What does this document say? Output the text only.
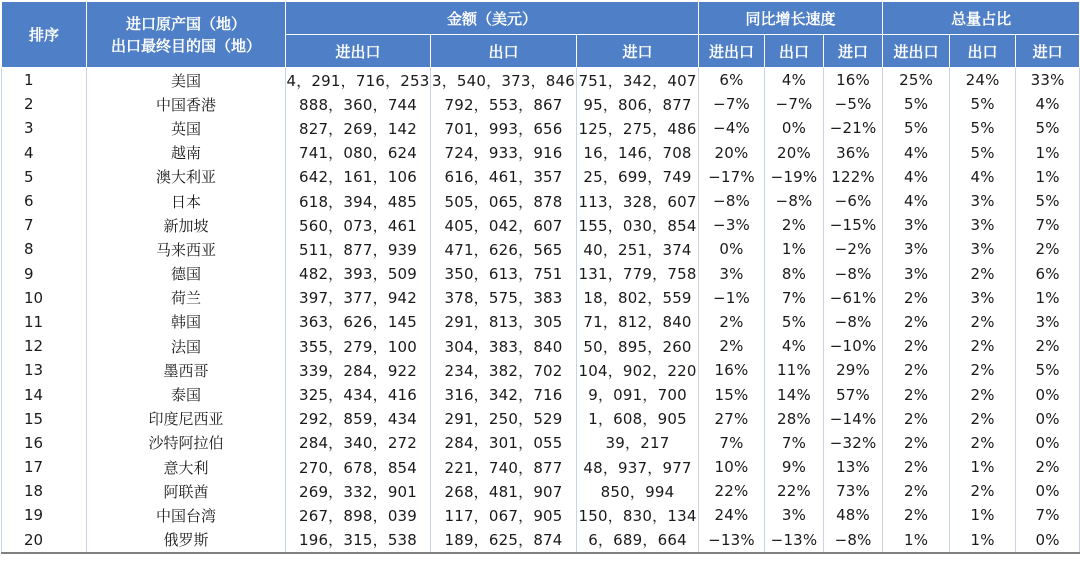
排序	进口原产国（地）
出口最终目的国（地）	金额（美元）			同比增长速度			总量占比		
		进出口	出口	进口	进出口	出口	进口	进出口	出口	进口
1	美国	4，291，716，253	3，540，373，846	751，342，407	6%	4%	16%	25%	24%	33%
2	中国香港	888，360，744	792，553，867	95，806，877	−7%	−7%	−5%	5%	5%	4%
3	英国	827，269，142	701，993，656	125，275，486	−4%	0%	−21%	5%	5%	5%
4	越南	741，080，624	724，933，916	16，146，708	20%	20%	36%	4%	5%	1%
5	澳大利亚	642，161，106	616，461，357	25，699，749	−17%	−19%	122%	4%	4%	1%
6	日本	618，394，485	505，065，878	113，328，607	−8%	−8%	−6%	4%	3%	5%
7	新加坡	560，073，461	405，042，607	155，030，854	−3%	2%	−15%	3%	3%	7%
8	马来西亚	511，877，939	471，626，565	40，251，374	0%	1%	−2%	3%	3%	2%
9	德国	482，393，509	350，613，751	131，779，758	3%	8%	−8%	3%	2%	6%
10	荷兰	397，377，942	378，575，383	18，802，559	−1%	7%	−61%	2%	3%	1%
11	韩国	363，626，145	291，813，305	71，812，840	2%	5%	−8%	2%	2%	3%
12	法国	355，279，100	304，383，840	50，895，260	2%	4%	−10%	2%	2%	2%
13	墨西哥	339，284，922	234，382，702	104，902，220	16%	11%	29%	2%	2%	5%
14	泰国	325，434，416	316，342，716	9，091，700	15%	14%	57%	2%	2%	0%
15	印度尼西亚	292，859，434	291，250，529	1，608，905	27%	28%	−14%	2%	2%	0%
16	沙特阿拉伯	284，340，272	284，301，055	39，217	7%	7%	−32%	2%	2%	0%
17	意大利	270，678，854	221，740，877	48，937，977	10%	9%	13%	2%	1%	2%
18	阿联酋	269，332，901	268，481，907	850，994	22%	22%	73%	2%	2%	0%
19	中国台湾	267，898，039	117，067，905	150，830，134	24%	3%	48%	2%	1%	7%
20	俄罗斯	196，315，538	189，625，874	6，689，664	−13%	−13%	−8%	1%	1%	0%
